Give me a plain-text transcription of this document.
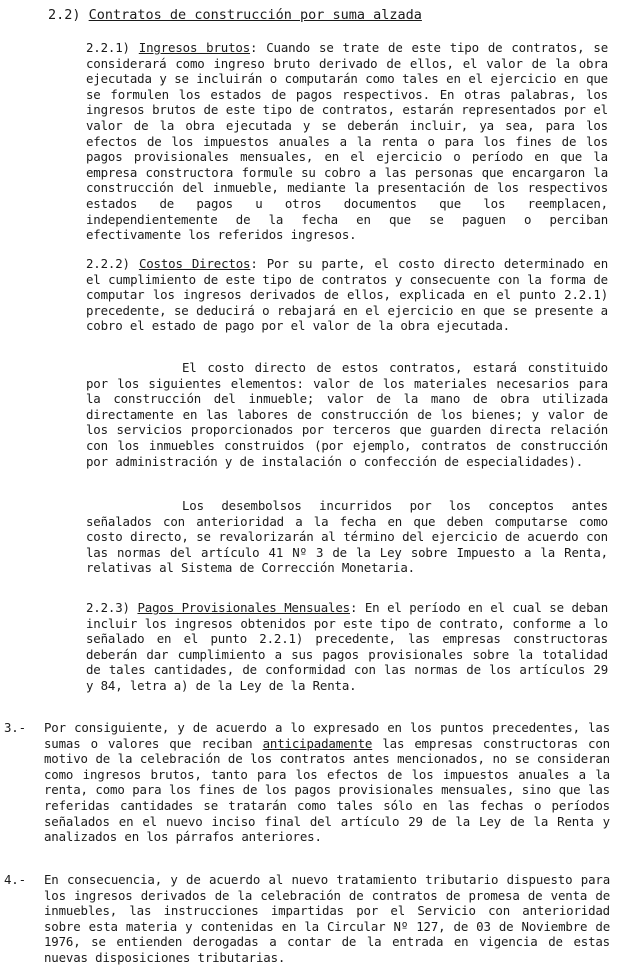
2.2) Contratos de construcción por suma alzada

2.2.1) Ingresos brutos: Cuando se trate de este tipo de contratos, se considerará como ingreso bruto derivado de ellos, el valor de la obra ejecutada y se incluirán o computarán como tales en el ejercicio en que se formulen los estados de pagos respectivos. En otras palabras, los ingresos brutos de este tipo de contratos, estarán representados por el valor de la obra ejecutada y se deberán incluir, ya sea, para los efectos de los impuestos anuales a la renta o para los fines de los pagos provisionales mensuales, en el ejercicio o período en que la empresa constructora formule su cobro a las personas que encargaron la construcción del inmueble, mediante la presentación de los respectivos estados de pagos u otros documentos que los reemplacen, independientemente de la fecha en que se paguen o perciban efectivamente los referidos ingresos.

2.2.2) Costos Directos: Por su parte, el costo directo determinado en el cumplimiento de este tipo de contratos y consecuente con la forma de computar los ingresos derivados de ellos, explicada en el punto 2.2.1) precedente, se deducirá o rebajará en el ejercicio en que se presente a cobro el estado de pago por el valor de la obra ejecutada.

El costo directo de estos contratos, estará constituido por los siguientes elementos: valor de los materiales necesarios para la construcción del inmueble; valor de la mano de obra utilizada directamente en las labores de construcción de los bienes; y valor de los servicios proporcionados por terceros que guarden directa relación con los inmuebles construidos (por ejemplo, contratos de construcción por administración y de instalación o confección de especialidades).

Los desembolsos incurridos por los conceptos antes señalados con anterioridad a la fecha en que deben computarse como costo directo, se revalorizarán al término del ejercicio de acuerdo con las normas del artículo 41 Nº 3 de la Ley sobre Impuesto a la Renta, relativas al Sistema de Corrección Monetaria.

2.2.3) Pagos Provisionales Mensuales: En el período en el cual se deban incluir los ingresos obtenidos por este tipo de contrato, conforme a lo señalado en el punto 2.2.1) precedente, las empresas constructoras deberán dar cumplimiento a sus pagos provisionales sobre la totalidad de tales cantidades, de conformidad con las normas de los artículos 29 y 84, letra a) de la Ley de la Renta.

3.- Por consiguiente, y de acuerdo a lo expresado en los puntos precedentes, las sumas o valores que reciban anticipadamente las empresas constructoras con motivo de la celebración de los contratos antes mencionados, no se consideran como ingresos brutos, tanto para los efectos de los impuestos anuales a la renta, como para los fines de los pagos provisionales mensuales, sino que las referidas cantidades se tratarán como tales sólo en las fechas o períodos señalados en el nuevo inciso final del artículo 29 de la Ley de la Renta y analizados en los párrafos anteriores.
4.- En consecuencia, y de acuerdo al nuevo tratamiento tributario dispuesto para los ingresos derivados de la celebración de contratos de promesa de venta de inmuebles, las instrucciones impartidas por el Servicio con anterioridad sobre esta materia y contenidas en la Circular Nº 127, de 03 de Noviembre de 1976, se entienden derogadas a contar de la entrada en vigencia de estas nuevas disposiciones tributarias.
